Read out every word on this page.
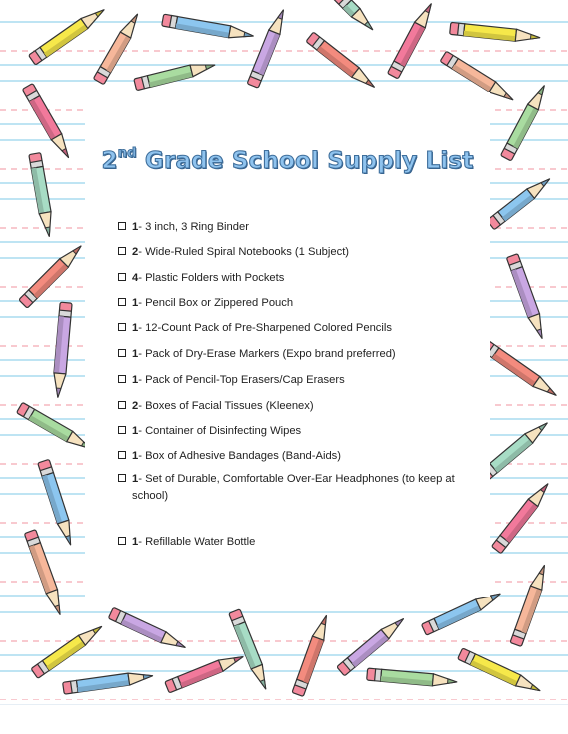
2nd Grade School Supply List
1- 3 inch, 3 Ring Binder
2- Wide-Ruled Spiral Notebooks (1 Subject)
4- Plastic Folders with Pockets
1- Pencil Box or Zippered Pouch
1- 12-Count Pack of Pre-Sharpened Colored Pencils
1- Pack of Dry-Erase Markers (Expo brand preferred)
1- Pack of Pencil-Top Erasers/Cap Erasers
2- Boxes of Facial Tissues (Kleenex)
1- Container of Disinfecting Wipes
1- Box of Adhesive Bandages (Band-Aids)
1- Set of Durable, Comfortable Over-Ear Headphones (to keep at school)
1- Refillable Water Bottle
